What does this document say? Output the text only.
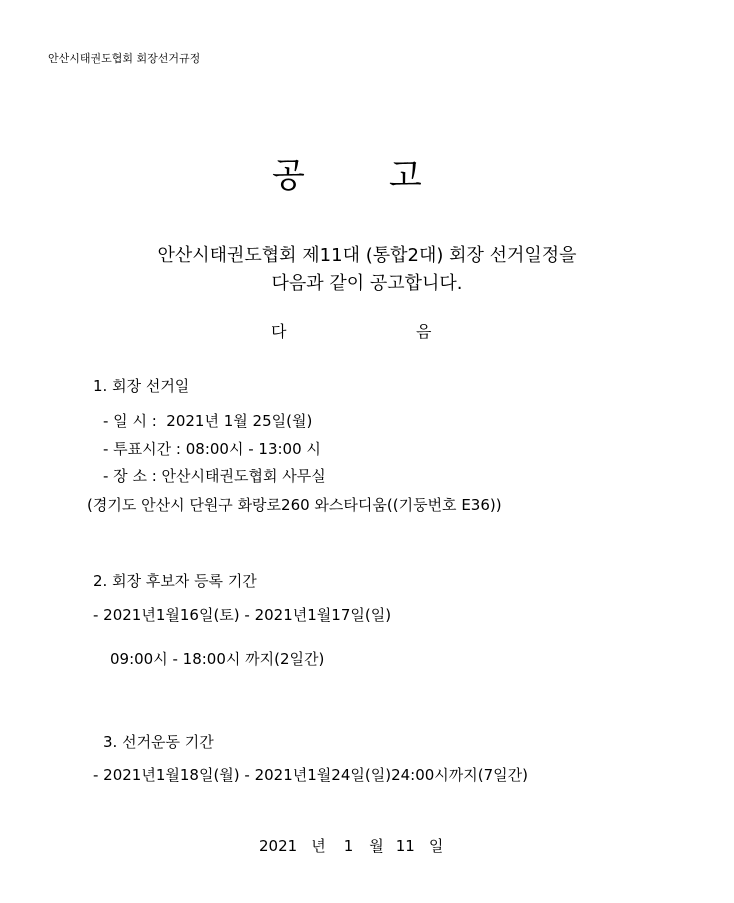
안산시태권도협회 회장선거규정
공 고
안산시태권도협회 제11대 (통합2대) 회장 선거일정을
다음과 같이 공고합니다.
다	음
1. 회장 선거일
- 일 시 :  2021년 1월 25일(월)
- 투표시간 : 08:00시 - 13:00 시
- 장 소 : 안산시태권도협회 사무실
(경기도 안산시 단원구 화랑로260 와스타디움((기둥번호 E36))
2. 회장 후보자 등록 기간
- 2021년1월16일(토) - 2021년1월17일(일)
09:00시 - 18:00시 까지(2일간)
3. 선거운동 기간
- 2021년1월18일(월) - 2021년1월24일(일)24:00시까지(7일간)
2021 년 1 월 11 일
